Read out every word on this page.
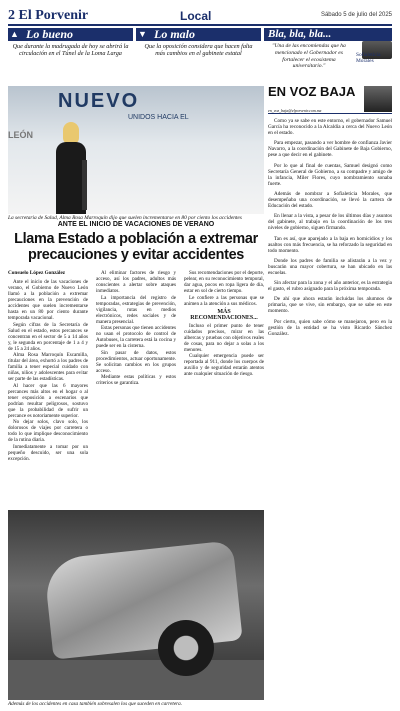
2 El Porvenir	Local	Sábado 5 de julio del 2025
▲ Lo bueno
Que durante la madrugada de hoy se abrirá la circulación en el Túnel de la Loma Larga
▼ Lo malo
Que la oposición considera que hacen falta más cambios en el gabinete estatal
Bla, bla, bla...
"Una de las encomiendas que ha mencionado el Gobernador es fortalecer el ecosistema universitario."
Sofialeticia Morales
NUEVO
UNIDOS HACIA EL
LEÓN
La secretaria de Salud, Alma Rosa Marroquín dijo que suelen incrementarse en 80 por ciento los accidentes
EN VOZ BAJA
en_voz_baja@elporvenir.com.mx

Como ya se sabe en este entorno, el gobernador Samuel García ha reconocido a la Alcaldía a cerca del Nuevo León en el estado.

Para empezar, pasando a ver hombre de confianza Javier Navarro, a la coordinación del Gabinete de Baja Gobierno, pese a que decir en el gabinete.

Por lo que al final de cuentas, Samuel designó como Secretaría General de Gobierno, a su compadre y amigo de la infancia, Miler Flores, cuyo nombramiento sonaba fuerte.

Además de nombrar a Sofialeticia Morales, que desempeñaba una coordinación, se llevó la cartera de Educación del estado.

En llenar a la vista, a pesar de los últimos días y asuntos del gabinete, al trabajo en la coordinación de los tres niveles de gobierno, siguen firmando.

Tan es así, que aparejado a la baja en homicidios y los asaltos con más frecuencia, se ha reforzado la seguridad en todo momento.

Donde los padres de familia se alistarán a la vez y buscarán una mayor cobertura, se han ubicado en las escuelas.

Sin afectar para la zona y el año anterior, es la estrategia el gasto, el rubro asignado para la próxima temporada.

De ahí que ahora estarán incluidas los alumnos de primaria, que se vive, sin embargo, que se sabe en este momento.

Por cierto, quien sabe cómo se manejaron, pero en la gestión de la entidad se ha visto Ricardo Sánchez González.

ANTE EL INICIO DE VACACIONES DE VERANO
Llama Estado a población a extremar precauciones y evitar accidentes
Consuelo López González

Ante el inicio de las vacaciones de verano, el Gobierno de Nuevo León llamó a la población a extremar precauciones en la prevención de accidentes que suelen incrementarse hasta en un 80 por ciento durante temporada vacacional.

Según cifras de la Secretaría de Salud en el estado, estos percances se concentran en el sector de 5 a 14 años y, le segunda en porcentaje de 1 a 4 y de 15 a 24 años.

Alma Rosa Marroquín Escamilla, titular del área, exhortó a los padres de familia a tener especial cuidado con niñas, niños y adolescentes para evitar ser parte de las estadísticas.

Al hacer que las 6 mayores percances más altos en el hogar o al tener exposición a escenarios que podrían resultar peligrosos, sostuvo que la probabilidad de sufrir un percance es notoriamente superior.

No dejar solos, clavo solo, los dolorosos de viajes por carretera o todo lo que implique desconocimiento de la rutina diaria.

Inmediatamente a tomar por un pequeño descuido, ser una sola excepción.

Al eliminar factores de riesgo y acceso, así los padres, adultos más conscientes a alertar sobre ataques inmediatos.

La importancia del registro de temporadas, estrategias de prevención, vigilancia, rutas en medios electrónicos, redes sociales y de manera presencial.

Estas personas que tienen accidentes no usan el protocolo de control de Autobuses, la carretera está la cocina y puede ser en la cisterna.

Sin pasar de datos, estos procedimientos, actuar oportunamente. Se solicitan cambios en los grupos acceso.

Mediante estas políticas y estos criterios se garantiza.

Sus recomendaciones por el deporte, pelear, en su reconocimiento temporal, dar agua, pocos en ropa ligera de día, estar en sol de cierto tiempo.

Le confiere a las personas que se animen a la atención a sus médicos.

MÁS RECOMENDACIONES...

Incluso el primer punto de tener cuidados precisos, mirar en las albercas y pruebas con objetivos reales de cosas, para no dejar a solas a los menores.

Cualquier emergencia puede ser reportada al 911, donde los cuerpos de auxilio y de seguridad estarán atentos ante cualquier situación de riesgo.

Además de los accidentes en casa también sobresalen los que suceden en carretera.
